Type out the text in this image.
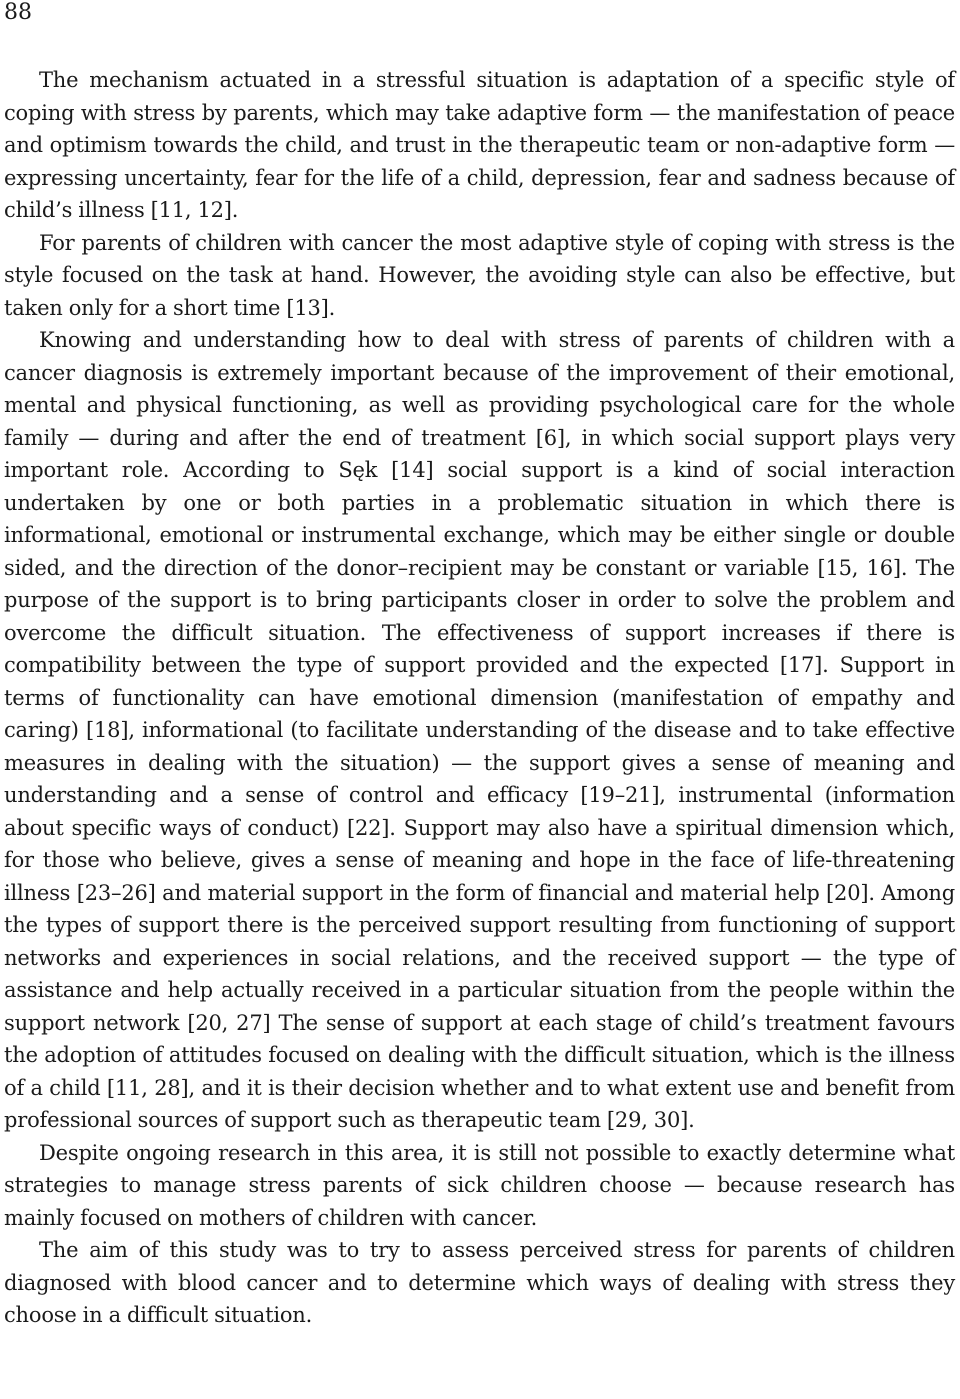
88

The mechanism actuated in a stressful situation is adaptation of a specific style of coping with stress by parents, which may take adaptive form — the manifestation of peace and optimism towards the child, and trust in the therapeutic team or non-adaptive form — expressing uncertainty, fear for the life of a child, depression, fear and sadness because of child’s illness [11, 12].

For parents of children with cancer the most adaptive style of coping with stress is the style focused on the task at hand. However, the avoiding style can also be effective, but taken only for a short time [13].

Knowing and understanding how to deal with stress of parents of children with a cancer diagnosis is extremely important because of the improvement of their emotional, mental and physical functioning, as well as providing psychological care for the whole family — during and after the end of treatment [6], in which social support plays very important role. According to Sęk [14] social support is a kind of social interaction undertaken by one or both parties in a problematic situation in which there is informational, emotional or instrumental exchange, which may be either single or double sided, and the direction of the donor–recipient may be constant or variable [15, 16]. The purpose of the support is to bring participants closer in order to solve the problem and overcome the difficult situation. The effectiveness of support increases if there is compatibility between the type of support provided and the expected [17]. Support in terms of functionality can have emotional dimension (manifestation of empathy and caring) [18], informational (to facilitate understanding of the disease and to take effective measures in dealing with the situation) — the support gives a sense of meaning and understanding and a sense of control and efficacy [19–21], instrumental (information about specific ways of conduct) [22]. Support may also have a spiritual dimension which, for those who believe, gives a sense of meaning and hope in the face of life-threatening illness [23–26] and material support in the form of financial and material help [20]. Among the types of support there is the perceived support resulting from functioning of support networks and experiences in social relations, and the received support — the type of assistance and help actually received in a particular situation from the people within the support network [20, 27] The sense of support at each stage of child’s treatment favours the adoption of attitudes focused on dealing with the difficult situation, which is the illness of a child [11, 28], and it is their decision whether and to what extent use and benefit from professional sources of support such as therapeutic team [29, 30].

Despite ongoing research in this area, it is still not possible to exactly determine what strategies to manage stress parents of sick children choose — because research has mainly focused on mothers of children with cancer.

The aim of this study was to try to assess perceived stress for parents of children diagnosed with blood cancer and to determine which ways of dealing with stress they choose in a difficult situation.
